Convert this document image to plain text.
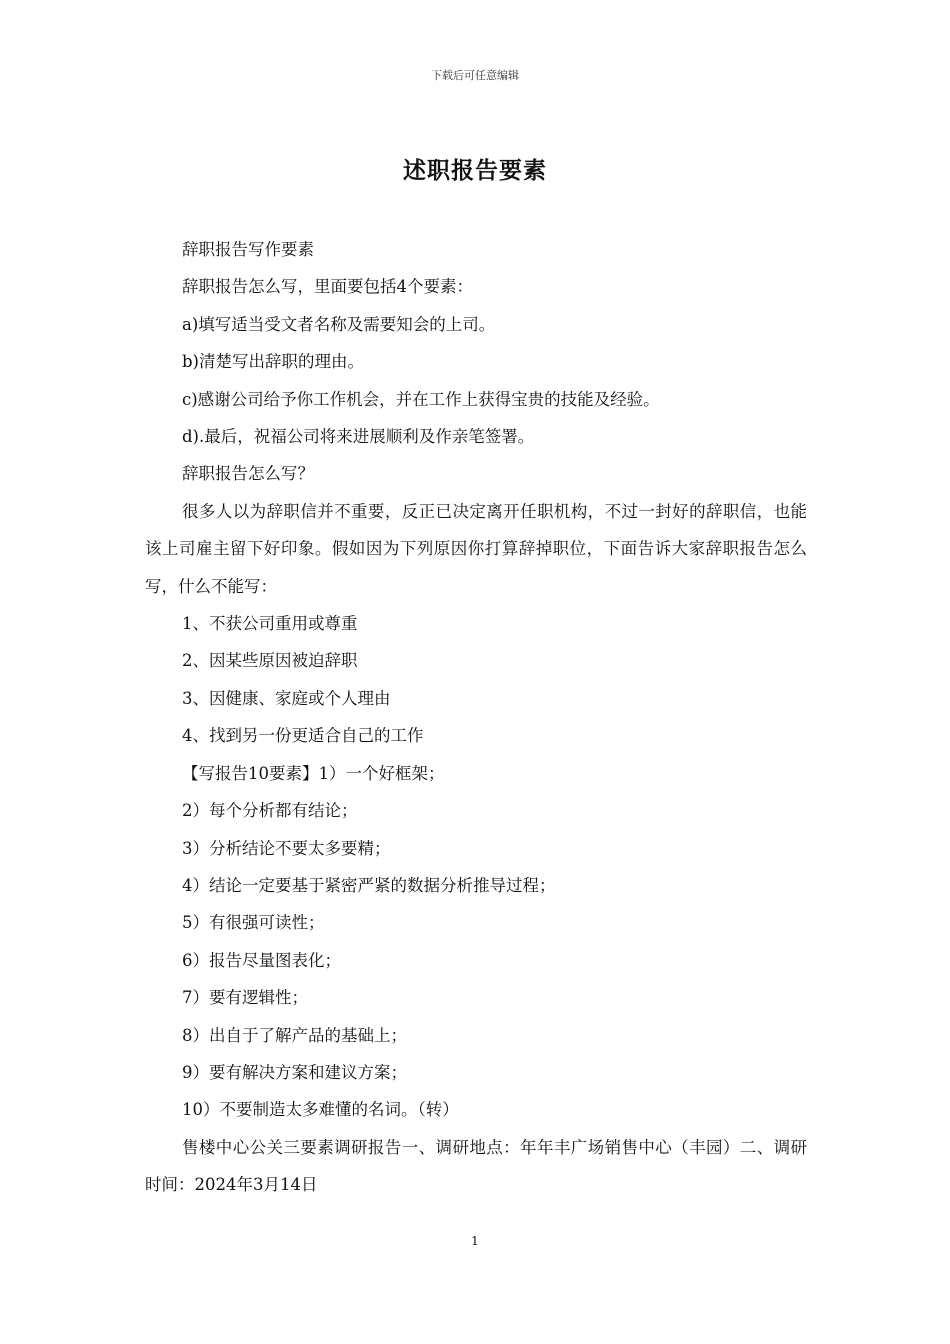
下载后可任意编辑
述职报告要素
辞职报告写作要素
辞职报告怎么写，里面要包括4个要素：
a)填写适当受文者名称及需要知会的上司。
b)清楚写出辞职的理由。
c)感谢公司给予你工作机会，并在工作上获得宝贵的技能及经验。
d).最后，祝福公司将来进展顺利及作亲笔签署。
辞职报告怎么写？

很多人以为辞职信并不重要，反正已决定离开任职机构，不过一封好的辞职信，也能该上司雇主留下好印象。假如因为下列原因你打算辞掉职位，下面告诉大家辞职报告怎么写，什么不能写：

1、不获公司重用或尊重
2、因某些原因被迫辞职
3、因健康、家庭或个人理由
4、找到另一份更适合自己的工作
【写报告10要素】1）一个好框架；
2）每个分析都有结论；
3）分析结论不要太多要精；
4）结论一定要基于紧密严紧的数据分析推导过程；
5）有很强可读性；
6）报告尽量图表化；
7）要有逻辑性；
8）出自于了解产品的基础上；
9）要有解决方案和建议方案；
10）不要制造太多难懂的名词。（转）

售楼中心公关三要素调研报告一、调研地点：年年丰广场销售中心（丰园）二、调研时间：2024年3月14日

1
